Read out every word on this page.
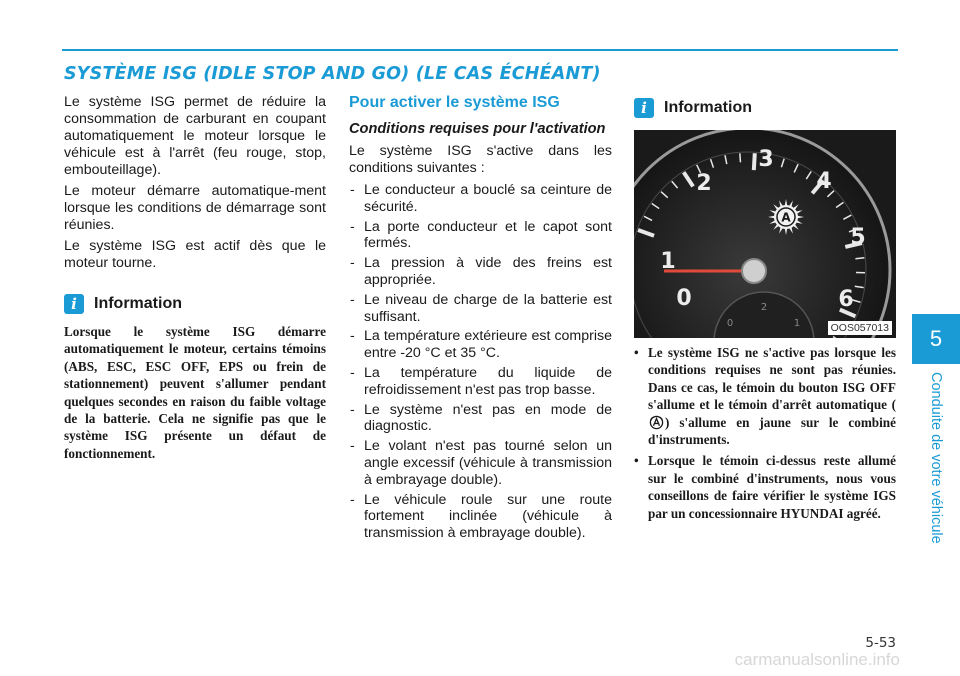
SYSTÈME ISG (IDLE STOP AND GO) (LE CAS ÉCHÉANT)

Le système ISG permet de réduire la consommation de carburant en coupant automatiquement le moteur lorsque le véhicule est à l'arrêt (feu rouge, stop, embouteillage).

Le moteur démarre automatique-ment lorsque les conditions de démarrage sont réunies.

Le système ISG est actif dès que le moteur tourne.

i	Information

Lorsque le système ISG démarre automatiquement le moteur, certains témoins (ABS, ESC, ESC OFF, EPS ou frein de stationnement) peuvent s'allumer pendant quelques secondes en raison du faible voltage de la batterie. Cela ne signifie pas que le système ISG présente un défaut de fonctionnement.

Pour activer le système ISG
Conditions requises pour l'activation

Le système ISG s'active dans les conditions suivantes :

- Le conducteur a bouclé sa ceinture de sécurité.
- La porte conducteur et le capot sont fermés.
- La pression à vide des freins est appropriée.
- Le niveau de charge de la batterie est suffisant.
- La température extérieure est comprise entre -20 °C et 35 °C.
- La température du liquide de refroidissement n'est pas trop basse.
- Le système n'est pas en mode de diagnostic.
- Le volant n'est pas tourné selon un angle excessif (véhicule à transmission à embrayage double).
- Le véhicule roule sur une route fortement inclinée (véhicule à transmission à embrayage double).
i	Information
0
1
2
3
4
5
6
0	1
2
A
OOS057013
• Le système ISG ne s'active pas lorsque les conditions requises ne sont pas réunies. Dans ce cas, le témoin du bouton ISG OFF s'allume et le témoin d'arrêt automatique () s'allume en jaune sur le combiné d'instruments.
• Lorsque le témoin ci-dessus reste allumé sur le combiné d'instruments, nous vous conseillons de faire vérifier le système IGS par un concessionnaire HYUNDAI agréé.
5
Conduite de votre véhicule
5-53
carmanualsonline.info
